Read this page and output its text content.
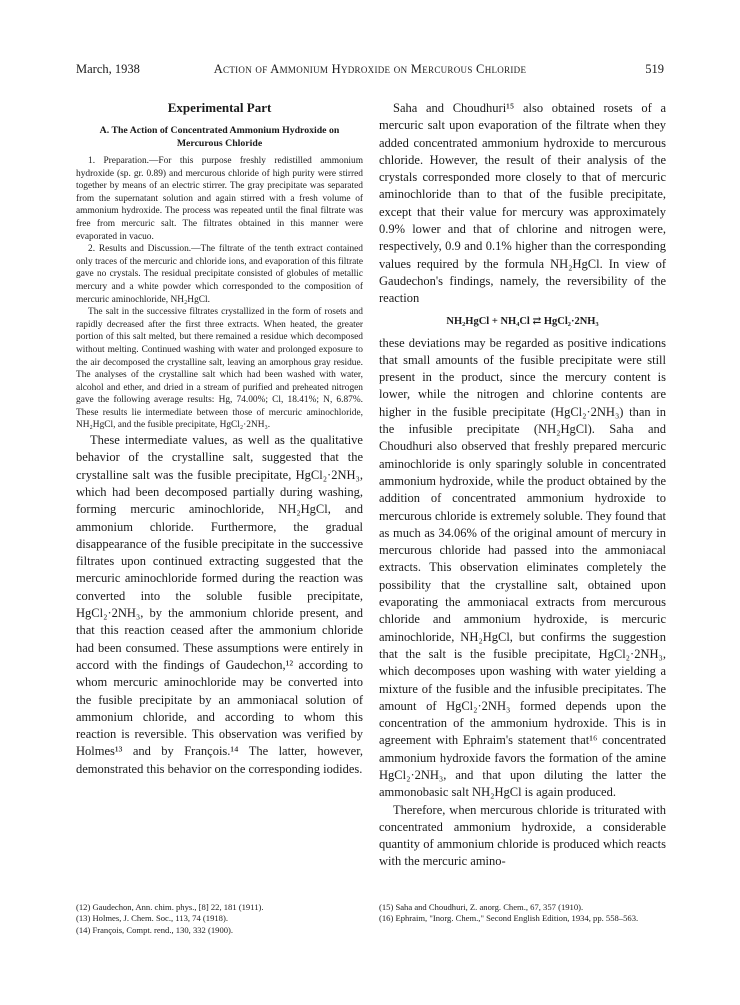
March, 1938	Action of Ammonium Hydroxide on Mercurous Chloride	519
Experimental Part
A. The Action of Concentrated Ammonium Hydroxide on Mercurous Chloride

1. Preparation.—For this purpose freshly redistilled ammonium hydroxide (sp. gr. 0.89) and mercurous chloride of high purity were stirred together by means of an electric stirrer. The gray precipitate was separated from the supernatant solution and again stirred with a fresh volume of ammonium hydroxide. The process was repeated until the final filtrate was free from mercuric salt. The filtrates obtained in this manner were evaporated in vacuo.

2. Results and Discussion.—The filtrate of the tenth extract contained only traces of the mercuric and chloride ions, and evaporation of this filtrate gave no crystals. The residual precipitate consisted of globules of metallic mercury and a white powder which corresponded to the composition of mercuric aminochloride, NH₂HgCl.

The salt in the successive filtrates crystallized in the form of rosets and rapidly decreased after the first three extracts. When heated, the greater portion of this salt melted, but there remained a residue which decomposed without melting. Continued washing with water and prolonged exposure to the air decomposed the crystalline salt, leaving an amorphous gray residue. The analyses of the crystalline salt which had been washed with water, alcohol and ether, and dried in a stream of purified and preheated nitrogen gave the following average results: Hg, 74.00%; Cl, 18.41%; N, 6.87%. These results lie intermediate between those of mercuric aminochloride, NH₂HgCl, and the fusible precipitate, HgCl₂·2NH₃.

These intermediate values, as well as the qualitative behavior of the crystalline salt, suggested that the crystalline salt was the fusible precipitate, HgCl₂·2NH₃, which had been decomposed partially during washing, forming mercuric aminochloride, NH₂HgCl, and ammonium chloride. Furthermore, the gradual disappearance of the fusible precipitate in the successive filtrates upon continued extracting suggested that the mercuric aminochloride formed during the reaction was converted into the soluble fusible precipitate, HgCl₂·2NH₃, by the ammonium chloride present, and that this reaction ceased after the ammonium chloride had been consumed. These assumptions were entirely in accord with the findings of Gaudechon,¹² according to whom mercuric aminochloride may be converted into the fusible precipitate by an ammoniacal solution of ammonium chloride, and according to whom this reaction is reversible. This observation was verified by Holmes¹³ and by François.¹⁴ The latter, however, demonstrated this behavior on the corresponding iodides.

Saha and Choudhuri¹⁵ also obtained rosets of a mercuric salt upon evaporation of the filtrate when they added concentrated ammonium hydroxide to mercurous chloride. However, the result of their analysis of the crystals corresponded more closely to that of mercuric aminochloride than to that of the fusible precipitate, except that their value for mercury was approximately 0.9% lower and that of chlorine and nitrogen were, respectively, 0.9 and 0.1% higher than the corresponding values required by the formula NH₂HgCl. In view of Gaudechon's findings, namely, the reversibility of the reaction

NH₂HgCl + NH₄Cl ⇄ HgCl₂·2NH₃

these deviations may be regarded as positive indications that small amounts of the fusible precipitate were still present in the product, since the mercury content is lower, while the nitrogen and chlorine contents are higher in the fusible precipitate (HgCl₂·2NH₃) than in the infusible precipitate (NH₂HgCl). Saha and Choudhuri also observed that freshly prepared mercuric aminochloride is only sparingly soluble in concentrated ammonium hydroxide, while the product obtained by the addition of concentrated ammonium hydroxide to mercurous chloride is extremely soluble. They found that as much as 34.06% of the original amount of mercury in mercurous chloride had passed into the ammoniacal extracts. This observation eliminates completely the possibility that the crystalline salt, obtained upon evaporating the ammoniacal extracts from mercurous chloride and ammonium hydroxide, is mercuric aminochloride, NH₂HgCl, but confirms the suggestion that the salt is the fusible precipitate, HgCl₂·2NH₃, which decomposes upon washing with water yielding a mixture of the fusible and the infusible precipitates. The amount of HgCl₂·2NH₃ formed depends upon the concentration of the ammonium hydroxide. This is in agreement with Ephraim's statement that¹⁶ concentrated ammonium hydroxide favors the formation of the amine HgCl₂·2NH₃, and that upon diluting the latter the ammonobasic salt NH₂HgCl is again produced.

Therefore, when mercurous chloride is triturated with concentrated ammonium hydroxide, a considerable quantity of ammonium chloride is produced which reacts with the mercuric amino-

(12) Gaudechon, Ann. chim. phys., [8] 22, 181 (1911).

(13) Holmes, J. Chem. Soc., 113, 74 (1918).

(14) François, Compt. rend., 130, 332 (1900).

(15) Saha and Choudhuri, Z. anorg. Chem., 67, 357 (1910).

(16) Ephraim, "Inorg. Chem.," Second English Edition, 1934, pp. 558–563.
